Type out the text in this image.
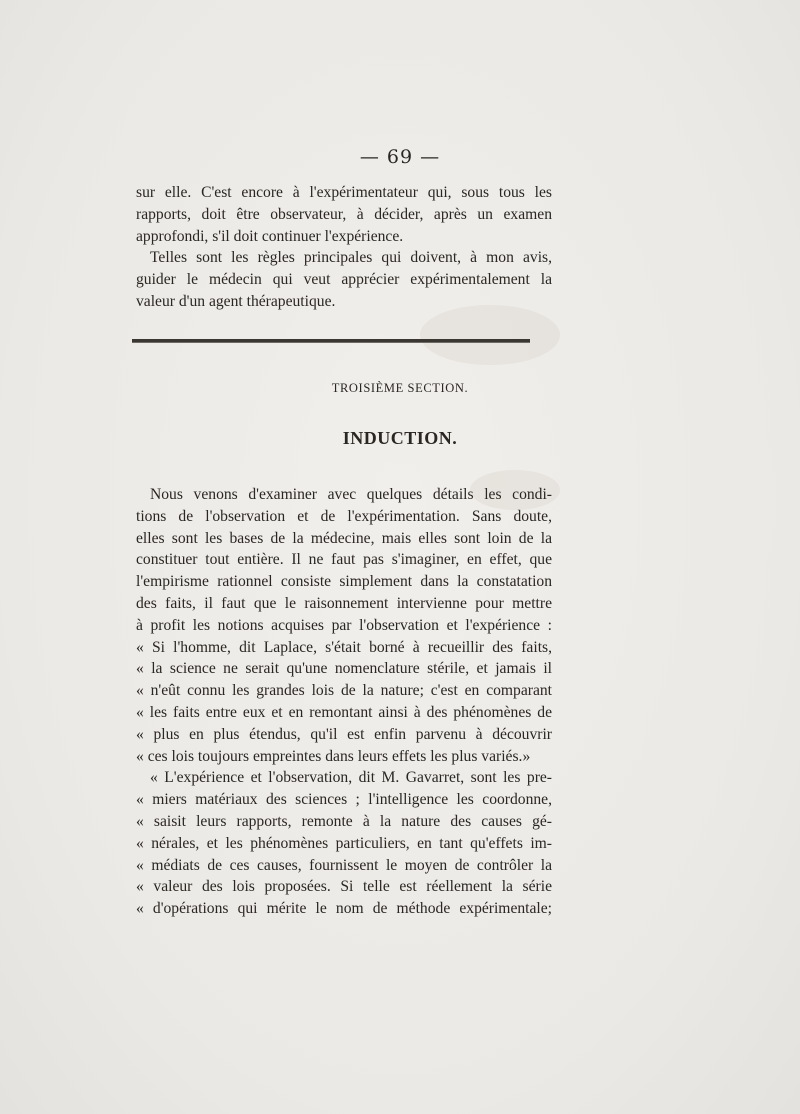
— 69 —
sur elle. C'est encore à l'expérimentateur qui, sous tous les
rapports, doit être observateur, à décider, après un examen
approfondi, s'il doit continuer l'expérience.
Telles sont les règles principales qui doivent, à mon avis,
guider le médecin qui veut apprécier expérimentalement la
valeur d'un agent thérapeutique.
TROISIÈME SECTION.
INDUCTION.
Nous venons d'examiner avec quelques détails les condi-
tions de l'observation et de l'expérimentation. Sans doute,
elles sont les bases de la médecine, mais elles sont loin de la
constituer tout entière. Il ne faut pas s'imaginer, en effet, que
l'empirisme rationnel consiste simplement dans la constatation
des faits, il faut que le raisonnement intervienne pour mettre
à profit les notions acquises par l'observation et l'expérience :
« Si l'homme, dit Laplace, s'était borné à recueillir des faits,
« la science ne serait qu'une nomenclature stérile, et jamais il
« n'eût connu les grandes lois de la nature; c'est en comparant
« les faits entre eux et en remontant ainsi à des phénomènes de
« plus en plus étendus, qu'il est enfin parvenu à découvrir
« ces lois toujours empreintes dans leurs effets les plus variés.»
« L'expérience et l'observation, dit M. Gavarret, sont les pre-
« miers matériaux des sciences ; l'intelligence les coordonne,
« saisit leurs rapports, remonte à la nature des causes gé-
« nérales, et les phénomènes particuliers, en tant qu'effets im-
« médiats de ces causes, fournissent le moyen de contrôler la
« valeur des lois proposées. Si telle est réellement la série
« d'opérations qui mérite le nom de méthode expérimentale;
